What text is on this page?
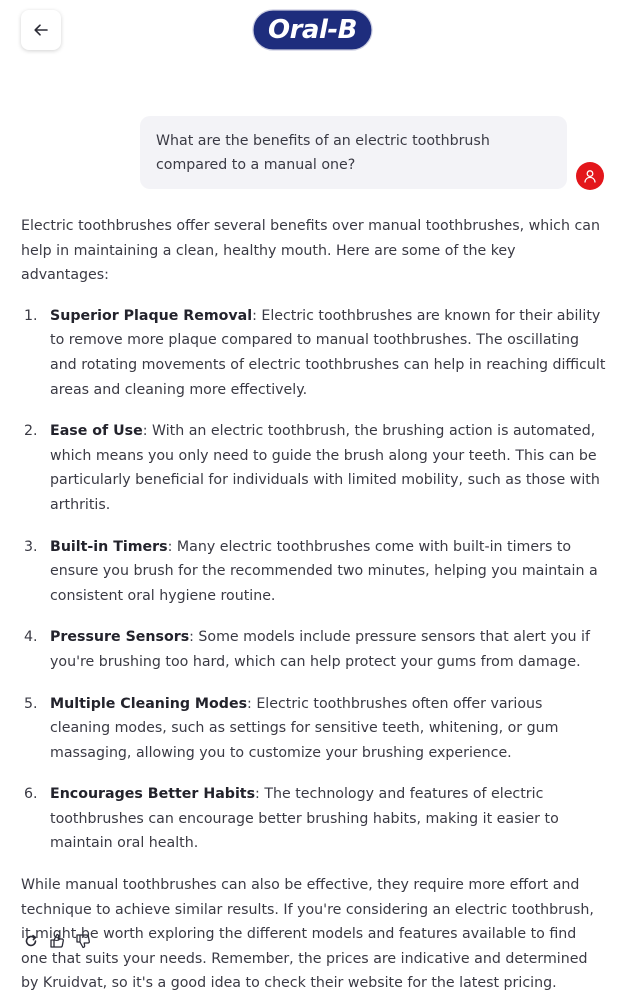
Oral-B
What are the benefits of an electric toothbrush compared to a manual one?

Electric toothbrushes offer several benefits over manual toothbrushes, which can help in maintaining a clean, healthy mouth. Here are some of the key advantages:

1. Superior Plaque Removal: Electric toothbrushes are known for their ability to remove more plaque compared to manual toothbrushes. The oscillating and rotating movements of electric toothbrushes can help in reaching difficult areas and cleaning more effectively.
2. Ease of Use: With an electric toothbrush, the brushing action is automated, which means you only need to guide the brush along your teeth. This can be particularly beneficial for individuals with limited mobility, such as those with arthritis.
3. Built-in Timers: Many electric toothbrushes come with built-in timers to ensure you brush for the recommended two minutes, helping you maintain a consistent oral hygiene routine.
4. Pressure Sensors: Some models include pressure sensors that alert you if you're brushing too hard, which can help protect your gums from damage.
5. Multiple Cleaning Modes: Electric toothbrushes often offer various cleaning modes, such as settings for sensitive teeth, whitening, or gum massaging, allowing you to customize your brushing experience.
6. Encourages Better Habits: The technology and features of electric toothbrushes can encourage better brushing habits, making it easier to maintain oral health.

While manual toothbrushes can also be effective, they require more effort and technique to achieve similar results. If you're considering an electric toothbrush, it might be worth exploring the different models and features available to find one that suits your needs. Remember, the prices are indicative and determined by Kruidvat, so it's a good idea to check their website for the latest pricing.
